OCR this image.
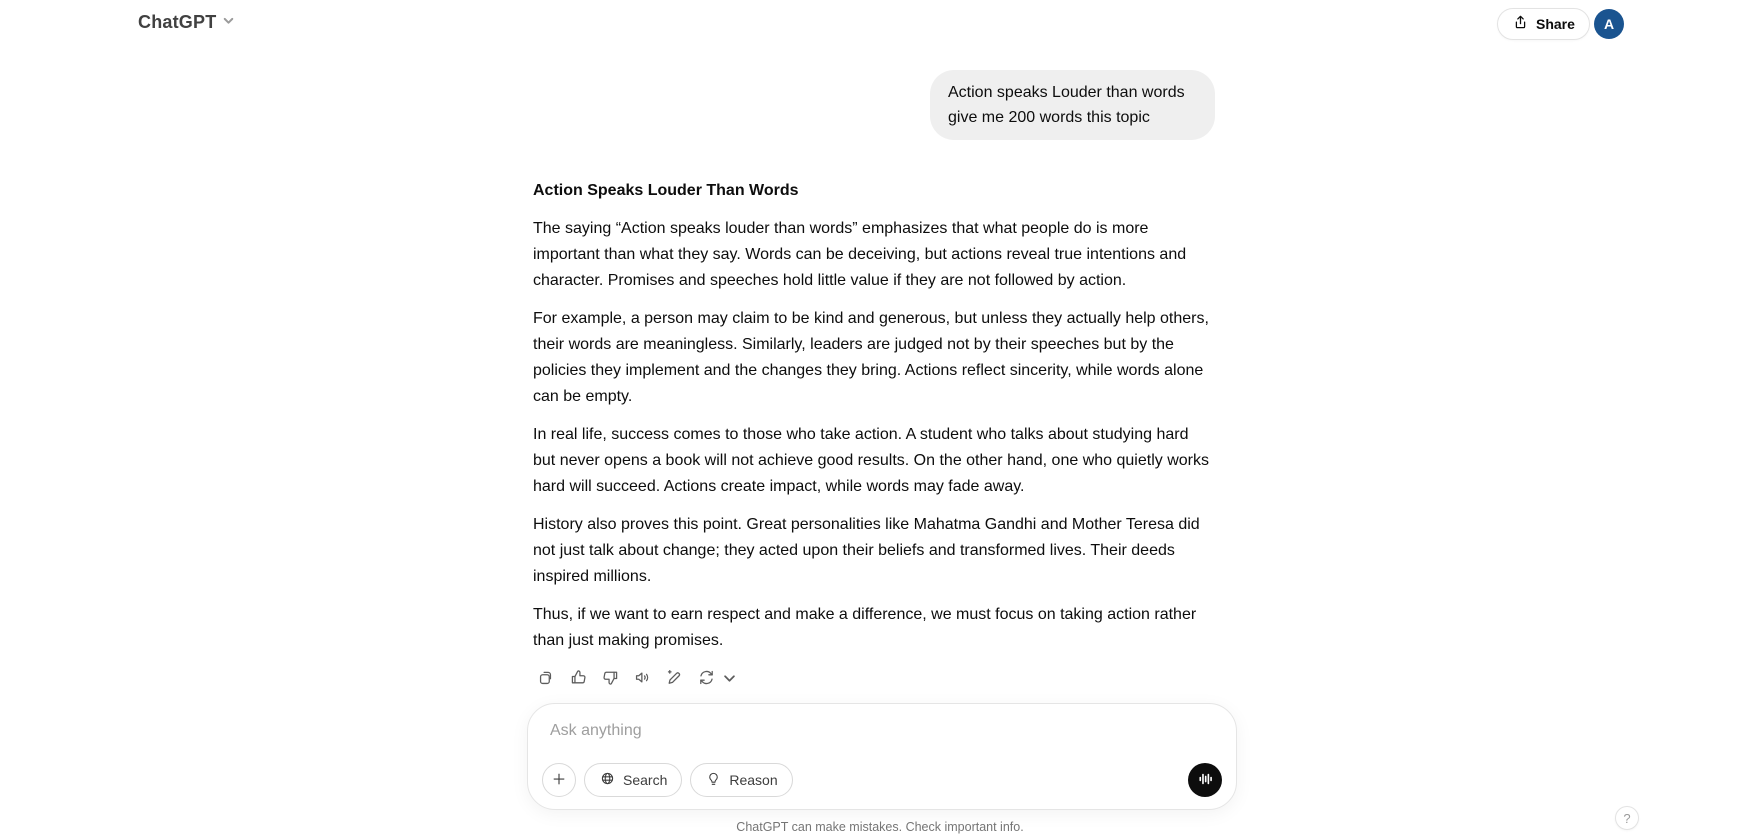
ChatGPT	Share A
Action speaks Louder than words give me 200 words this topic
Action Speaks Louder Than Words

The saying “Action speaks louder than words” emphasizes that what people do is more important than what they say. Words can be deceiving, but actions reveal true intentions and character. Promises and speeches hold little value if they are not followed by action.

For example, a person may claim to be kind and generous, but unless they actually help others, their words are meaningless. Similarly, leaders are judged not by their speeches but by the policies they implement and the changes they bring. Actions reflect sincerity, while words alone can be empty.

In real life, success comes to those who take action. A student who talks about studying hard but never opens a book will not achieve good results. On the other hand, one who quietly works hard will succeed. Actions create impact, while words may fade away.

History also proves this point. Great personalities like Mahatma Gandhi and Mother Teresa did not just talk about change; they acted upon their beliefs and transformed lives. Their deeds inspired millions.

Thus, if we want to earn respect and make a difference, we must focus on taking action rather than just making promises.

Ask anything
Search	Reason
ChatGPT can make mistakes. Check important info.
?
